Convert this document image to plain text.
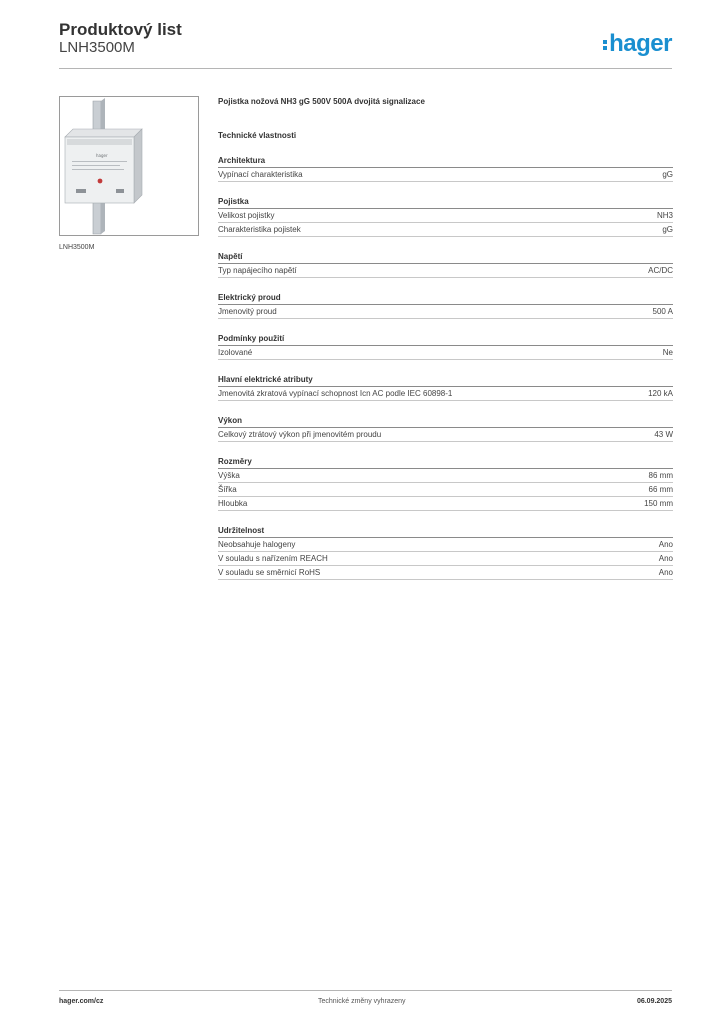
Produktový list
LNH3500M	hager
hager
LNH3500M
Pojistka nožová NH3 gG 500V 500A dvojitá signalizace
Technické vlastnosti
Architektura
Vypínací charakteristika	gG
Pojistka
Velikost pojistky	NH3
Charakteristika pojistek	gG
Napětí
Typ napájecího napětí	AC/DC
Elektrický proud
Jmenovitý proud	500 A
Podmínky použití
Izolované	Ne
Hlavní elektrické atributy
Jmenovitá zkratová vypínací schopnost Icn AC podle IEC 60898-1	120 kA
Výkon
Celkový ztrátový výkon při jmenovitém proudu	43 W
Rozměry
Výška	86 mm
Šířka	66 mm
Hloubka	150 mm
Udržitelnost
Neobsahuje halogeny	Ano
V souladu s nařízením REACH	Ano
V souladu se směrnicí RoHS	Ano
hager.com/cz	Technické změny vyhrazeny	06.09.2025
